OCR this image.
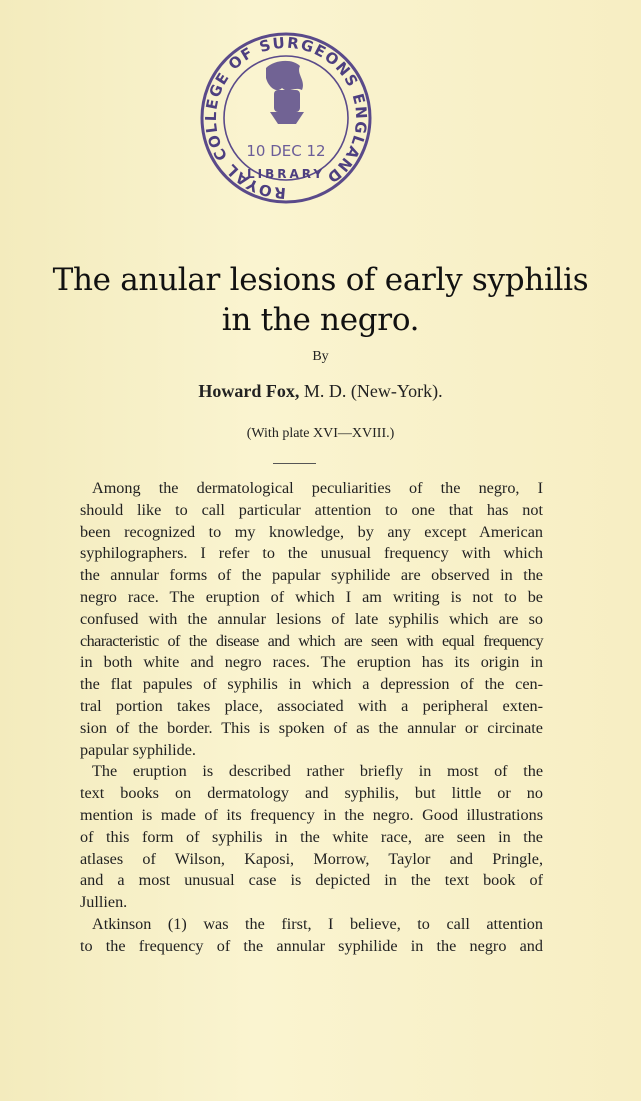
ROYAL COLLEGE OF SURGEONS ENGLAND
10 DEC 12
LIBRARY
The anular lesions of early syphilis
in the negro.
By
Howard Fox, M. D. (New-York).
(With plate XVI—XVIII.)
Among the dermatological peculiarities of the negro, I
should like to call particular attention to one that has not
been recognized to my knowledge, by any except American
syphilographers. I refer to the unusual frequency with which
the annular forms of the papular syphilide are observed in the
negro race. The eruption of which I am writing is not to be
confused with the annular lesions of late syphilis which are so
characteristic of the disease and which are seen with equal frequency
in both white and negro races. The eruption has its origin in
the flat papules of syphilis in which a depression of the cen-
tral portion takes place, associated with a peripheral exten-
sion of the border. This is spoken of as the annular or circinate
papular syphilide.
The eruption is described rather briefly in most of the
text books on dermatology and syphilis, but little or no
mention is made of its frequency in the negro. Good illustrations
of this form of syphilis in the white race, are seen in the
atlases of Wilson, Kaposi, Morrow, Taylor and Pringle,
and a most unusual case is depicted in the text book of
Jullien.
Atkinson (1) was the first, I believe, to call attention
to the frequency of the annular syphilide in the negro and
